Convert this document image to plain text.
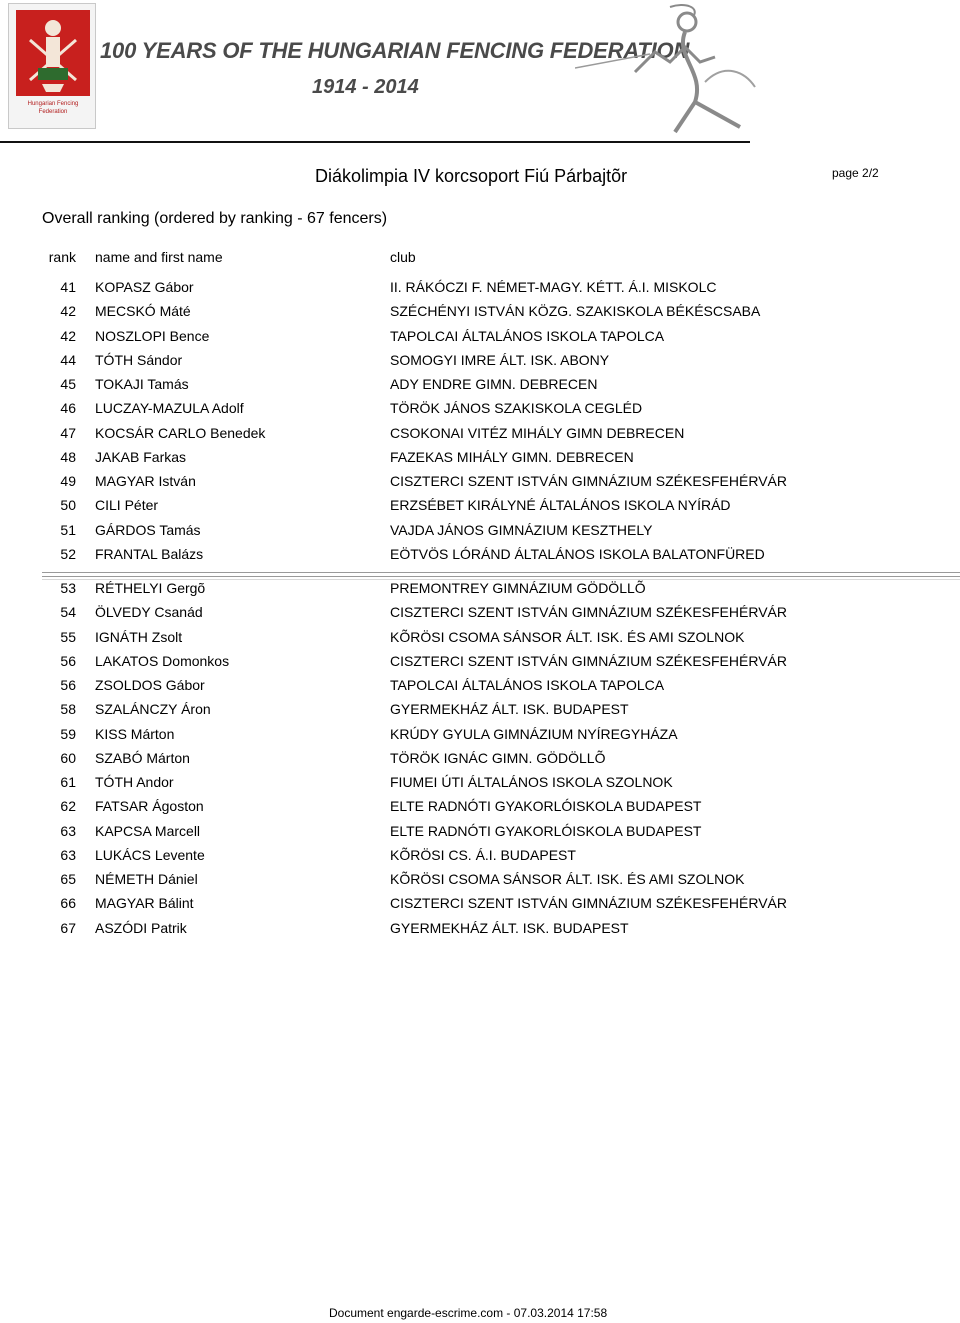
Hungarian Fencing Federation
100 YEARS OF THE HUNGARIAN FENCING FEDERATION
1914 - 2014
Diákolimpia IV korcsoport Fiú Párbajtõr	page 2/2
Overall ranking (ordered by ranking - 67 fencers)
rank name and first name	club
41 KOPASZ Gábor	II. RÁKÓCZI F. NÉMET-MAGY. KÉTT. Á.I. MISKOLC
42 MECSKÓ Máté	SZÉCHÉNYI ISTVÁN KÖZG. SZAKISKOLA BÉKÉSCSABA
42 NOSZLOPI Bence	TAPOLCAI ÁLTALÁNOS ISKOLA TAPOLCA
44 TÓTH Sándor	SOMOGYI IMRE ÁLT. ISK. ABONY
45 TOKAJI Tamás	ADY ENDRE GIMN. DEBRECEN
46 LUCZAY-MAZULA Adolf	TÖRÖK JÁNOS SZAKISKOLA CEGLÉD
47 KOCSÁR CARLO Benedek	CSOKONAI VITÉZ MIHÁLY GIMN DEBRECEN
48 JAKAB Farkas	FAZEKAS MIHÁLY GIMN. DEBRECEN
49 MAGYAR István	CISZTERCI SZENT ISTVÁN GIMNÁZIUM SZÉKESFEHÉRVÁR
50 CILI Péter	ERZSÉBET KIRÁLYNÉ ÁLTALÁNOS ISKOLA NYÍRÁD
51 GÁRDOS Tamás	VAJDA JÁNOS GIMNÁZIUM KESZTHELY
52 FRANTAL Balázs	EÖTVÖS LÓRÁND ÁLTALÁNOS ISKOLA BALATONFÜRED
53 RÉTHELYI Gergõ	PREMONTREY GIMNÁZIUM GÖDÖLLÕ
54 ÖLVEDY Csanád	CISZTERCI SZENT ISTVÁN GIMNÁZIUM SZÉKESFEHÉRVÁR
55 IGNÁTH Zsolt	KÕRÖSI CSOMA SÁNSOR ÁLT. ISK. ÉS AMI SZOLNOK
56 LAKATOS Domonkos	CISZTERCI SZENT ISTVÁN GIMNÁZIUM SZÉKESFEHÉRVÁR
56 ZSOLDOS Gábor	TAPOLCAI ÁLTALÁNOS ISKOLA TAPOLCA
58 SZALÁNCZY Áron	GYERMEKHÁZ ÁLT. ISK. BUDAPEST
59 KISS Márton	KRÚDY GYULA GIMNÁZIUM NYÍREGYHÁZA
60 SZABÓ Márton	TÖRÖK IGNÁC GIMN. GÖDÖLLÕ
61 TÓTH Andor	FIUMEI ÚTI ÁLTALÁNOS ISKOLA SZOLNOK
62 FATSAR Ágoston	ELTE RADNÓTI GYAKORLÓISKOLA BUDAPEST
63 KAPCSA Marcell	ELTE RADNÓTI GYAKORLÓISKOLA BUDAPEST
63 LUKÁCS Levente	KÕRÖSI CS. Á.I. BUDAPEST
65 NÉMETH Dániel	KÕRÖSI CSOMA SÁNSOR ÁLT. ISK. ÉS AMI SZOLNOK
66 MAGYAR Bálint	CISZTERCI SZENT ISTVÁN GIMNÁZIUM SZÉKESFEHÉRVÁR
67 ASZÓDI Patrik	GYERMEKHÁZ ÁLT. ISK. BUDAPEST
Document engarde-escrime.com - 07.03.2014 17:58
